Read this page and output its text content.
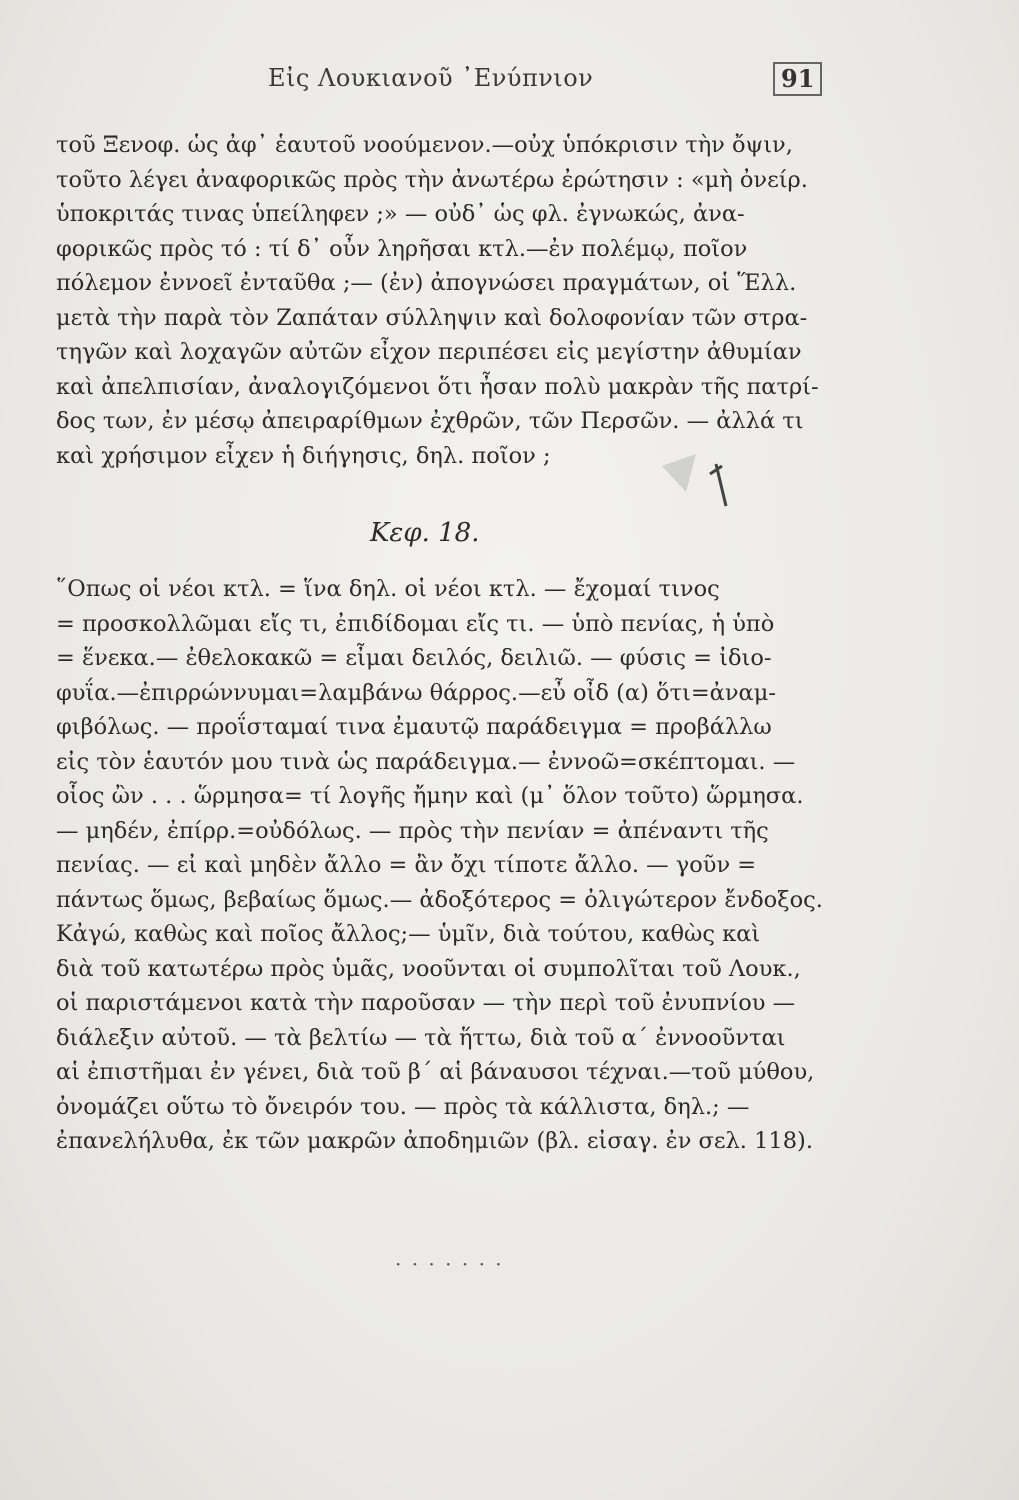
Εἰς Λουκιανοῦ ᾿Ενύπνιον	91
τοῦ Ξενοφ. ὡς ἀφ᾿ ἑαυτοῦ νοούμενον.—οὐχ ὑπόκρισιν τὴν ὄψιν,
τοῦτο λέγει ἀναφορικῶς πρὸς τὴν ἀνωτέρω ἐρώτησιν : «μὴ ὀνείρ.
ὑποκριτάς τινας ὑπείληφεν ;» — οὐδ᾿ ὡς φλ. ἐγνωκώς, ἀνα-
φορικῶς πρὸς τό : τί δ᾿ οὖν ληρῆσαι κτλ.—ἐν πολέμῳ, ποῖον
πόλεμον ἐννοεῖ ἐνταῦθα ;— (ἐν) ἀπογνώσει πραγμάτων, οἱ Ἕλλ.
μετὰ τὴν παρὰ τὸν Ζαπάταν σύλληψιν καὶ δολοφονίαν τῶν στρα-
τηγῶν καὶ λοχαγῶν αὐτῶν εἶχον περιπέσει εἰς μεγίστην ἀθυμίαν
καὶ ἀπελπισίαν, ἀναλογιζόμενοι ὅτι ἦσαν πολὺ μακρὰν τῆς πατρί-
δος των, ἐν μέσῳ ἀπειραρίθμων ἐχθρῶν, τῶν Περσῶν. — ἀλλά τι
καὶ χρήσιμον εἶχεν ἡ διήγησις, δηλ. ποῖον ;
Κεφ. 18.
῞Οπως οἱ νέοι κτλ. = ἵνα δηλ. οἱ νέοι κτλ. — ἔχομαί τινος
= προσκολλῶμαι εἴς τι, ἐπιδίδομαι εἴς τι. — ὑπὸ πενίας, ἡ ὑπὸ
= ἕνεκα.— ἐθελοκακῶ = εἶμαι δειλός, δειλιῶ. — φύσις = ἰδιο-
φυΐα.—ἐπιρρώννυμαι=λαμβάνω θάρρος.—εὖ οἶδ (α) ὅτι=ἀναμ-
φιβόλως. — προΐσταμαί τινα ἐμαυτῷ παράδειγμα = προβάλλω
εἰς τὸν ἑαυτόν μου τινὰ ὡς παράδειγμα.— ἐννοῶ=σκέπτομαι. —
οἷος ὢν . . . ὥρμησα= τί λογῆς ἤμην καὶ (μ᾿ ὅλον τοῦτο) ὥρμησα.
— μηδέν, ἐπίρρ.=οὐδόλως. — πρὸς τὴν πενίαν = ἀπέναντι τῆς
πενίας. — εἰ καὶ μηδὲν ἄλλο = ἂν ὄχι τίποτε ἄλλο. — γοῦν =
πάντως ὅμως, βεβαίως ὅμως.— ἀδοξότερος = ὀλιγώτερον ἔνδοξος.
Κἀγώ, καθὼς καὶ ποῖος ἄλλος;— ὑμῖν, διὰ τούτου, καθὼς καὶ
διὰ τοῦ κατωτέρω πρὸς ὑμᾶς, νοοῦνται οἱ συμπολῖται τοῦ Λουκ.,
οἱ παριστάμενοι κατὰ τὴν παροῦσαν — τὴν περὶ τοῦ ἐνυπνίου —
διάλεξιν αὐτοῦ. — τὰ βελτίω — τὰ ἥττω, διὰ τοῦ α΄ ἐννοοῦνται
αἱ ἐπιστῆμαι ἐν γένει, διὰ τοῦ β΄ αἱ βάναυσοι τέχναι.—τοῦ μύθου,
ὀνομάζει οὕτω τὸ ὄνειρόν του. — πρὸς τὰ κάλλιστα, δηλ.; —
ἐπανελήλυθα, ἐκ τῶν μακρῶν ἀποδημιῶν (βλ. εἰσαγ. ἐν σελ. 118).
· · · · · · ·
